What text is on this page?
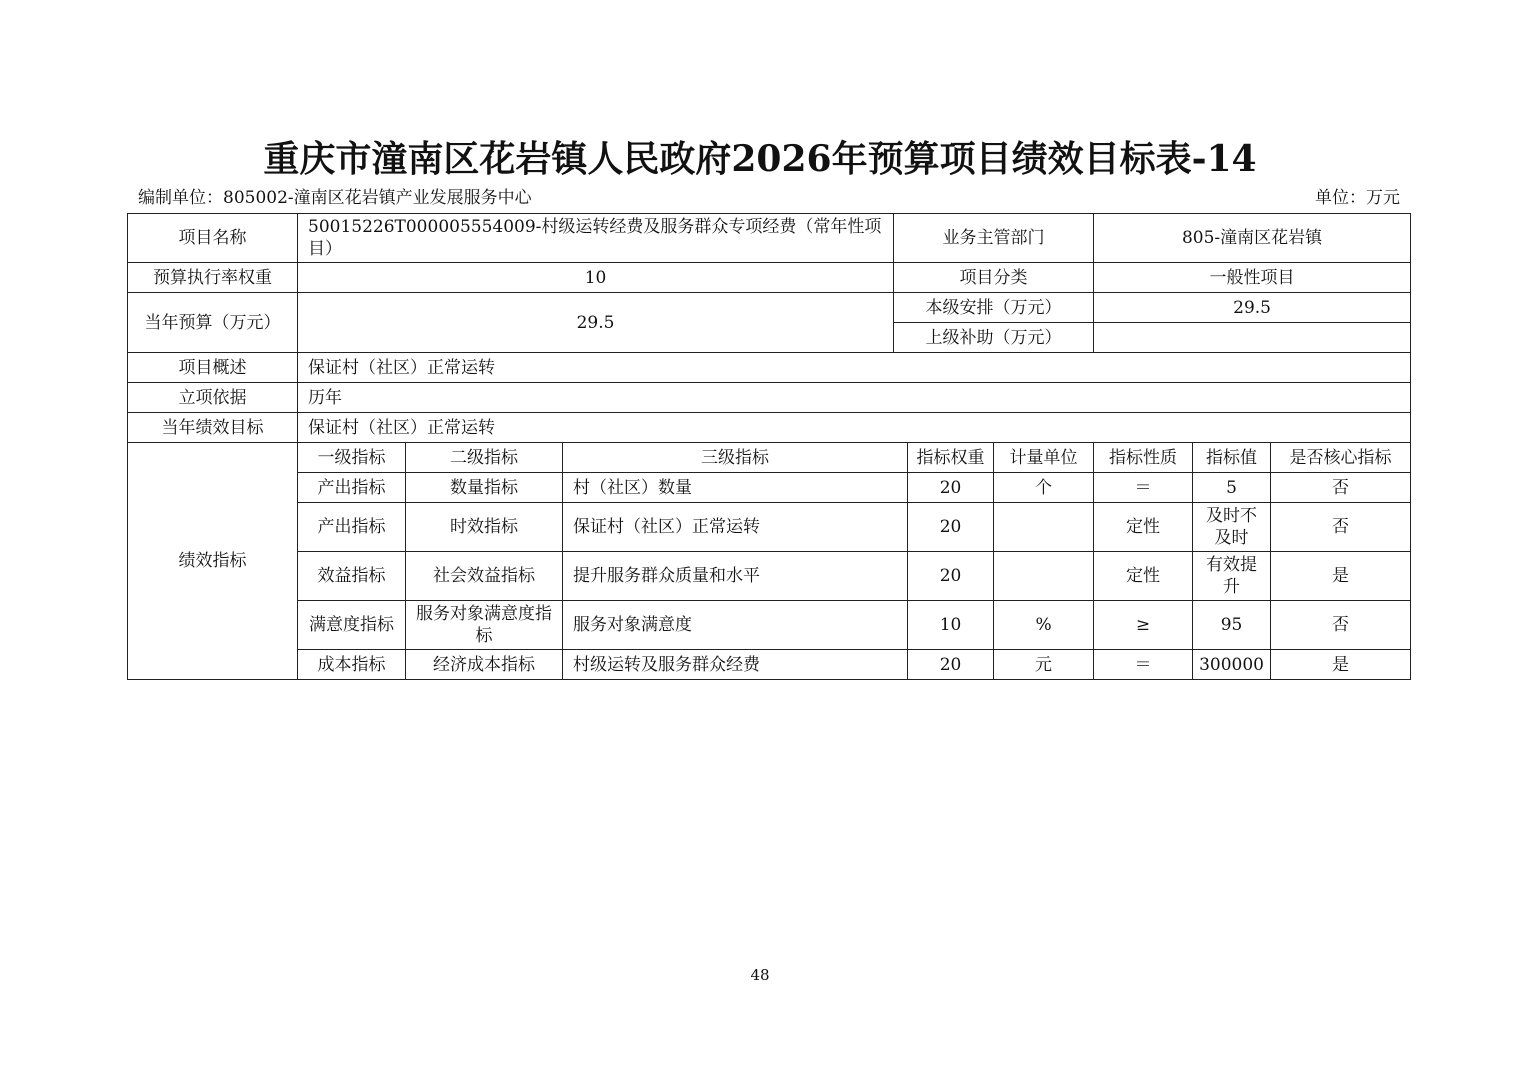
重庆市潼南区花岩镇人民政府2026年预算项目绩效目标表-14
编制单位：805002-潼南区花岩镇产业发展服务中心	单位：万元
项目名称	50015226T000005554009-村级运转经费及服务群众专项经费（常年性项目）			业务主管部门			805-潼南区花岩镇		
预算执行率权重	10			项目分类			一般性项目		
当年预算（万元）	29.5			本级安排（万元）			29.5		
				上级补助（万元）					
项目概述	保证村（社区）正常运转								
立项依据	历年								
当年绩效目标	保证村（社区）正常运转								
绩效指标	一级指标	二级指标	三级指标		指标权重	计量单位	指标性质	指标值	是否核心指标
	产出指标	数量指标	村（社区）数量		20	个	＝	5	否
	产出指标	时效指标	保证村（社区）正常运转		20		定性	及时不及时	否
	效益指标	社会效益指标	提升服务群众质量和水平		20		定性	有效提升	是
	满意度指标	服务对象满意度指标	服务对象满意度		10	%	≥	95	否
	成本指标	经济成本指标	村级运转及服务群众经费		20	元	＝	300000	是
48
